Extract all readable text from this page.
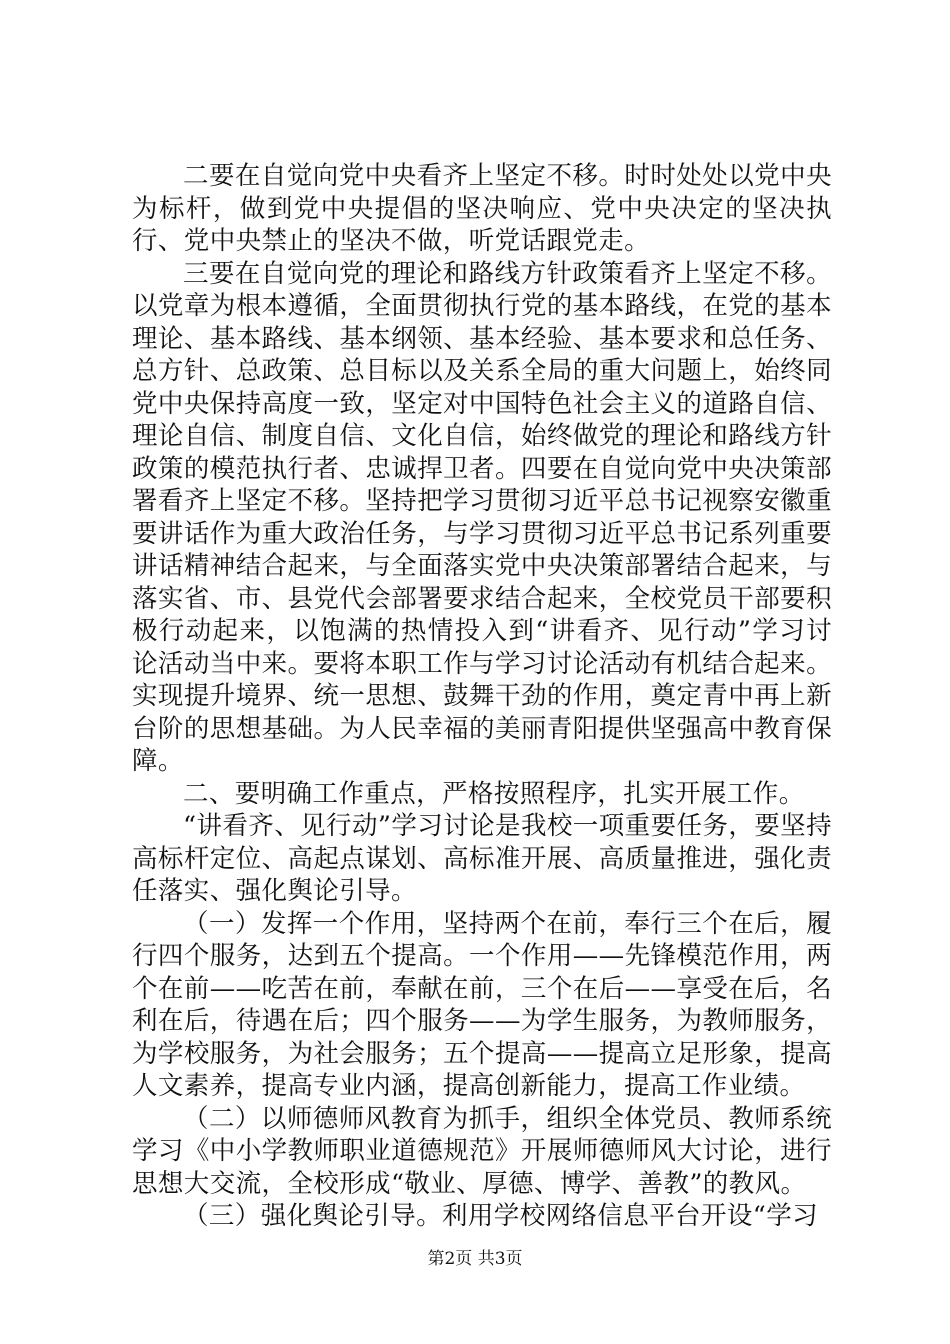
二要在自觉向党中央看齐上坚定不移。时时处处以党中央为标杆，做到党中央提倡的坚决响应、党中央决定的坚决执行、党中央禁止的坚决不做，听党话跟党走。

三要在自觉向党的理论和路线方针政策看齐上坚定不移。以党章为根本遵循，全面贯彻执行党的基本路线，在党的基本理论、基本路线、基本纲领、基本经验、基本要求和总任务、总方针、总政策、总目标以及关系全局的重大问题上，始终同党中央保持高度一致，坚定对中国特色社会主义的道路自信、理论自信、制度自信、文化自信，始终做党的理论和路线方针政策的模范执行者、忠诚捍卫者。四要在自觉向党中央决策部署看齐上坚定不移。坚持把学习贯彻习近平总书记视察安徽重要讲话作为重大政治任务，与学习贯彻习近平总书记系列重要讲话精神结合起来，与全面落实党中央决策部署结合起来，与落实省、市、县党代会部署要求结合起来，全校党员干部要积极行动起来，以饱满的热情投入到“讲看齐、见行动”学习讨论活动当中来。要将本职工作与学习讨论活动有机结合起来。实现提升境界、统一思想、鼓舞干劲的作用，奠定青中再上新台阶的思想基础。为人民幸福的美丽青阳提供坚强高中教育保障。

二、要明确工作重点，严格按照程序，扎实开展工作。

“讲看齐、见行动”学习讨论是我校一项重要任务，要坚持高标杆定位、高起点谋划、高标准开展、高质量推进，强化责任落实、强化舆论引导。

（一）发挥一个作用，坚持两个在前，奉行三个在后，履行四个服务，达到五个提高。一个作用——先锋模范作用，两个在前——吃苦在前，奉献在前，三个在后——享受在后，名利在后，待遇在后；四个服务——为学生服务，为教师服务，为学校服务，为社会服务；五个提高——提高立足形象，提高人文素养，提高专业内涵，提高创新能力，提高工作业绩。

（二）以师德师风教育为抓手，组织全体党员、教师系统学习《中小学教师职业道德规范》开展师德师风大讨论，进行思想大交流，全校形成“敬业、厚德、博学、善教”的教风。

（三）强化舆论引导。利用学校网络信息平台开设“学习

第2页 共3页
